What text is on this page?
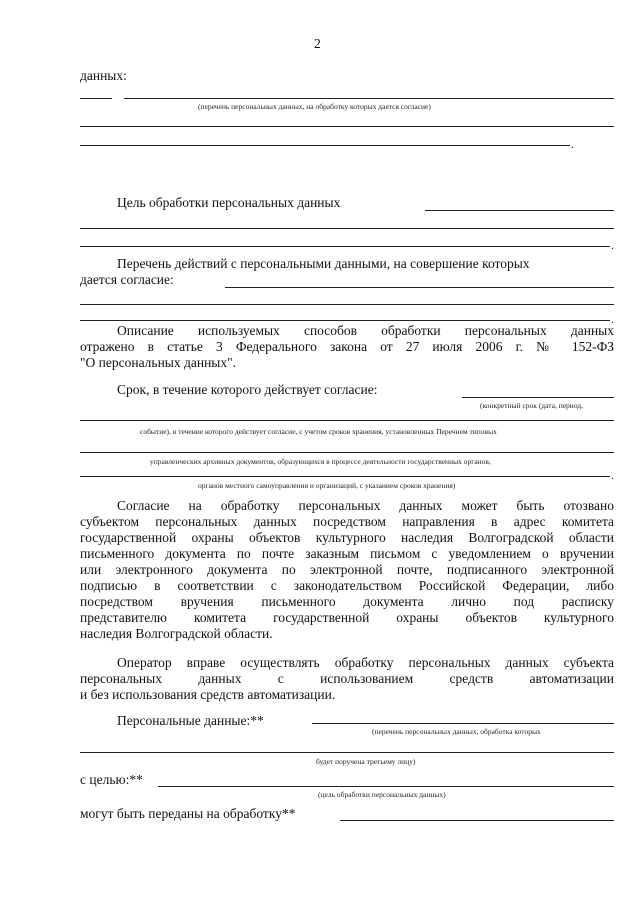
2
данных:
(перечень персональных данных, на обработку которых дается согласие)
.
Цель обработки персональных данных
.
Перечень действий с персональными данными, на совершение которых
дается согласие:
.
Описание используемых способов обработки персональных данных
отражено в статье 3 Федерального закона от 27 июля 2006 г. № 152-ФЗ
"О персональных данных".
Срок, в течение которого действует согласие:
(конкретный срок (дата, период,
событие), в течение которого действует согласие, с учетом сроков хранения, установленных Перечнем типовых
управленческих архивных документов, образующихся в процессе деятельности государственных органов,
.
органов местного самоуправления и организаций, с указанием сроков хранения)
Согласие на обработку персональных данных может быть отозвано
субъектом персональных данных посредством направления в адрес комитета
государственной охраны объектов культурного наследия Волгоградской области
письменного документа по почте заказным письмом с уведомлением о вручении
или электронного документа по электронной почте, подписанного электронной
подписью в соответствии с законодательством Российской Федерации, либо
посредством вручения письменного документа лично под расписку
представителю комитета государственной охраны объектов культурного
наследия Волгоградской области.
Оператор вправе осуществлять обработку персональных данных субъекта
персональных данных с использованием средств автоматизации
и без использования средств автоматизации.
Персональные данные:**
(перечень персональных данных, обработка которых
будет поручена третьему лицу)
с целью:**
(цель обработки персональных данных)
могут быть переданы на обработку**
